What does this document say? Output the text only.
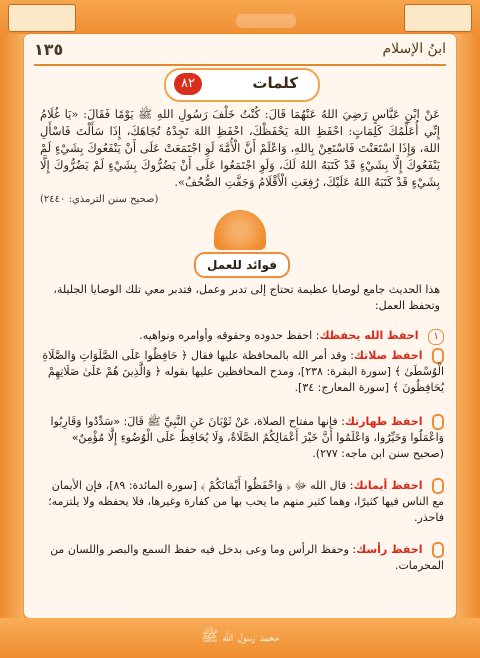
١٣٥	ابنُ الإسلام
٨٢	كلمات
عَنْ ابْنِ عَبَّاسٍ رَضِيَ اللهُ عَنْهُمَا قَالَ: كُنْتُ خَلْفَ رَسُولِ اللهِ ﷺ يَوْمًا فَقَالَ: «يَا غُلَامُ إِنِّي أُعَلِّمُكَ كَلِمَاتٍ: احْفَظِ اللهَ يَحْفَظْكَ، احْفَظِ اللهَ تَجِدْهُ تُجَاهَكَ، إِذَا سَأَلْتَ فَاسْأَلِ اللهَ، وَإِذَا اسْتَعَنْتَ فَاسْتَعِنْ بِاللهِ، وَاعْلَمْ أَنَّ الْأُمَّةَ لَوِ اجْتَمَعَتْ عَلَى أَنْ يَنْفَعُوكَ بِشَيْءٍ لَمْ يَنْفَعُوكَ إِلَّا بِشَيْءٍ قَدْ كَتَبَهُ اللهُ لَكَ، وَلَوِ اجْتَمَعُوا عَلَى أَنْ يَضُرُّوكَ بِشَيْءٍ لَمْ يَضُرُّوكَ إِلَّا بِشَيْءٍ قَدْ كَتَبَهُ اللهُ عَلَيْكَ، رُفِعَتِ الْأَقْلَامُ وَجَفَّتِ الصُّحُفُ».
(صحيح سنن الترمذي: ٢٤٤٠)
فوائد للعمل
هذا الحديث جامع لوصايا عظيمة تحتاج إلى تدبر وعمل، فتدبر معي تلك الوصايا الجليلة، وتحفظ العمل:
١ احفظ الله يحفظك: احفظ حدوده وحقوقه وأوامره ونواهيه.
احفظ صلاتك: وقد أمر الله بالمحافظة عليها فقال ﴿ حَافِظُوا عَلَى الصَّلَوَاتِ وَالصَّلَاةِ الْوُسْطَىٰ ﴾ [سورة البقرة: ٢٣٨]، ومدح المحافظين عليها بقوله ﴿ وَالَّذِينَ هُمْ عَلَىٰ صَلَاتِهِمْ يُحَافِظُونَ ﴾ [سورة المعارج: ٣٤].
احفظ طهارتك: فإنها مفتاح الصلاة، عَنْ ثَوْبَانَ عَنِ النَّبِيِّ ﷺ قَالَ: «سَدِّدُوا وَقَارِبُوا وَاعْمَلُوا وَخَيِّرُوا، وَاعْلَمُوا أَنَّ خَيْرَ أَعْمَالِكُمُ الصَّلَاةُ، وَلَا يُحَافِظُ عَلَى الْوُضُوءِ إِلَّا مُؤْمِنٌ» (صحيح سنن ابن ماجه: ٢٧٧).
احفظ أيمانك: قال الله ﷻ ﴿ وَاحْفَظُوا أَيْمَانَكُمْ ﴾ [سورة المائدة: ٨٩]، فإن الأيمان مع الناس فيها كثيرًا، وهما كثير منهم ما يحب بها من كفارة وغيرها، فلا يحفظه ولا يلتزمه؛ فاحذر.
احفظ رأسك: وحفظ الرأس وما وعى بدخل فيه حفظ السمع والبصر واللسان من المحرمات.
محمد رسول الله ﷺ
